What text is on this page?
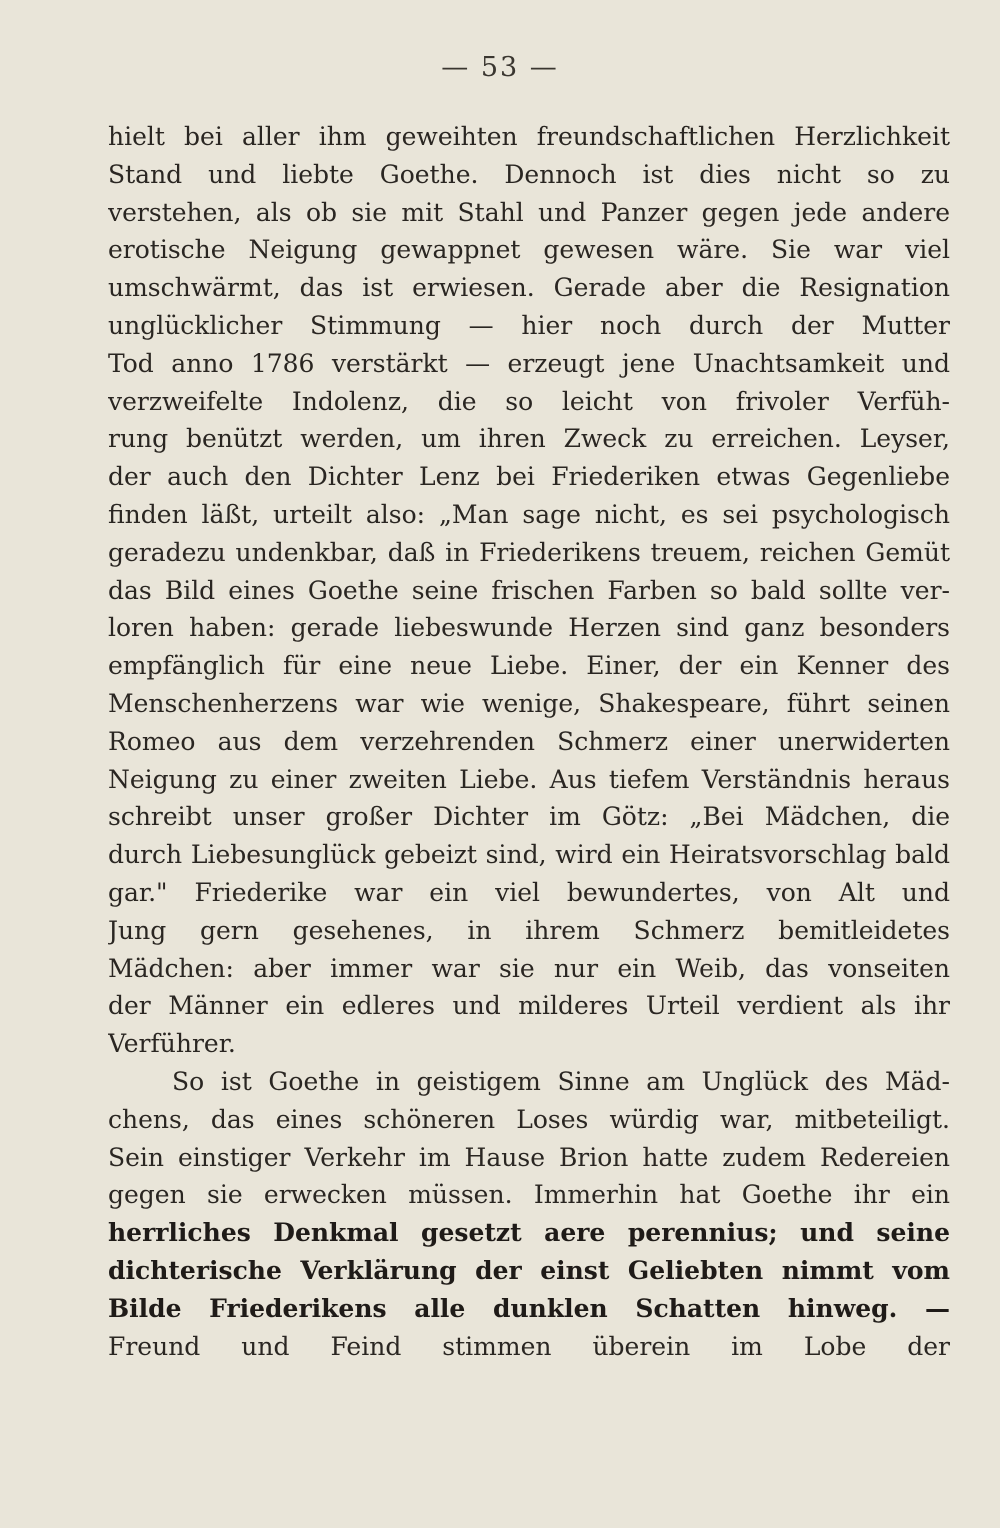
— 53 —
hielt bei aller ihm geweihten freundschaftlichen Herzlichkeit
Stand und liebte Goethe. Dennoch ist dies nicht so zu
verstehen, als ob sie mit Stahl und Panzer gegen jede andere
erotische Neigung gewappnet gewesen wäre. Sie war viel
umschwärmt, das ist erwiesen. Gerade aber die Resignation
unglücklicher Stimmung — hier noch durch der Mutter
Tod anno 1786 verstärkt — erzeugt jene Unachtsamkeit und
verzweifelte Indolenz, die so leicht von frivoler Verfüh-
rung benützt werden, um ihren Zweck zu erreichen. Leyser,
der auch den Dichter Lenz bei Friederiken etwas Gegenliebe
finden läßt, urteilt also: „Man sage nicht, es sei psychologisch
geradezu undenkbar, daß in Friederikens treuem, reichen Gemüt
das Bild eines Goethe seine frischen Farben so bald sollte ver-
loren haben: gerade liebeswunde Herzen sind ganz besonders
empfänglich für eine neue Liebe. Einer, der ein Kenner des
Menschenherzens war wie wenige, Shakespeare, führt seinen
Romeo aus dem verzehrenden Schmerz einer unerwiderten
Neigung zu einer zweiten Liebe. Aus tiefem Verständnis heraus
schreibt unser großer Dichter im Götz: „Bei Mädchen, die
durch Liebesunglück gebeizt sind, wird ein Heiratsvorschlag bald
gar." Friederike war ein viel bewundertes, von Alt und
Jung gern gesehenes, in ihrem Schmerz bemitleidetes
Mädchen: aber immer war sie nur ein Weib, das vonseiten
der Männer ein edleres und milderes Urteil verdient als ihr
Verführer.
So ist Goethe in geistigem Sinne am Unglück des Mäd-
chens, das eines schöneren Loses würdig war, mitbeteiligt.
Sein einstiger Verkehr im Hause Brion hatte zudem Redereien
gegen sie erwecken müssen. Immerhin hat Goethe ihr ein
herrliches Denkmal gesetzt aere perennius; und seine
dichterische Verklärung der einst Geliebten nimmt vom
Bilde Friederikens alle dunklen Schatten hinweg. —
Freund und Feind stimmen überein im Lobe der
